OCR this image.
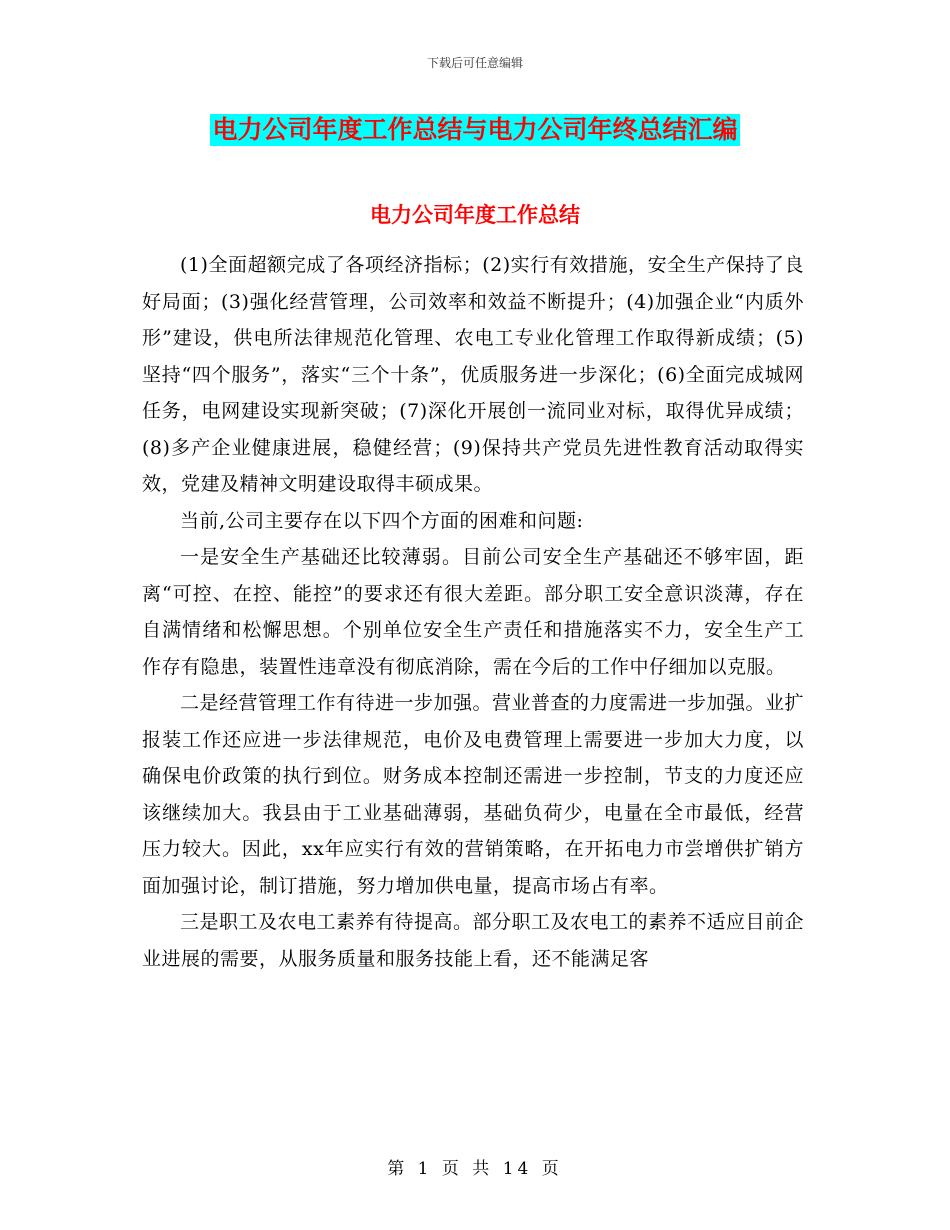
下载后可任意编辑
电力公司年度工作总结与电力公司年终总结汇编
电力公司年度工作总结

(1)全面超额完成了各项经济指标；(2)实行有效措施，安全生产保持了良好局面；(3)强化经营管理，公司效率和效益不断提升；(4)加强企业“内质外形”建设，供电所法律规范化管理、农电工专业化管理工作取得新成绩；(5)坚持“四个服务”，落实“三个十条”，优质服务进一步深化；(6)全面完成城网任务，电网建设实现新突破；(7)深化开展创一流同业对标，取得优异成绩；(8)多产企业健康进展，稳健经营；(9)保持共产党员先进性教育活动取得实效，党建及精神文明建设取得丰硕成果。

当前,公司主要存在以下四个方面的困难和问题:

一是安全生产基础还比较薄弱。目前公司安全生产基础还不够牢固，距离“可控、在控、能控”的要求还有很大差距。部分职工安全意识淡薄，存在自满情绪和松懈思想。个别单位安全生产责任和措施落实不力，安全生产工作存有隐患，装置性违章没有彻底消除，需在今后的工作中仔细加以克服。

二是经营管理工作有待进一步加强。营业普查的力度需进一步加强。业扩报装工作还应进一步法律规范，电价及电费管理上需要进一步加大力度，以确保电价政策的执行到位。财务成本控制还需进一步控制，节支的力度还应该继续加大。我县由于工业基础薄弱，基础负荷少，电量在全市最低，经营压力较大。因此，xx年应实行有效的营销策略，在开拓电力市尝增供扩销方面加强讨论，制订措施，努力增加供电量，提高市场占有率。

三是职工及农电工素养有待提高。部分职工及农电工的素养不适应目前企业进展的需要，从服务质量和服务技能上看，还不能满足客

第 1 页 共 14 页
